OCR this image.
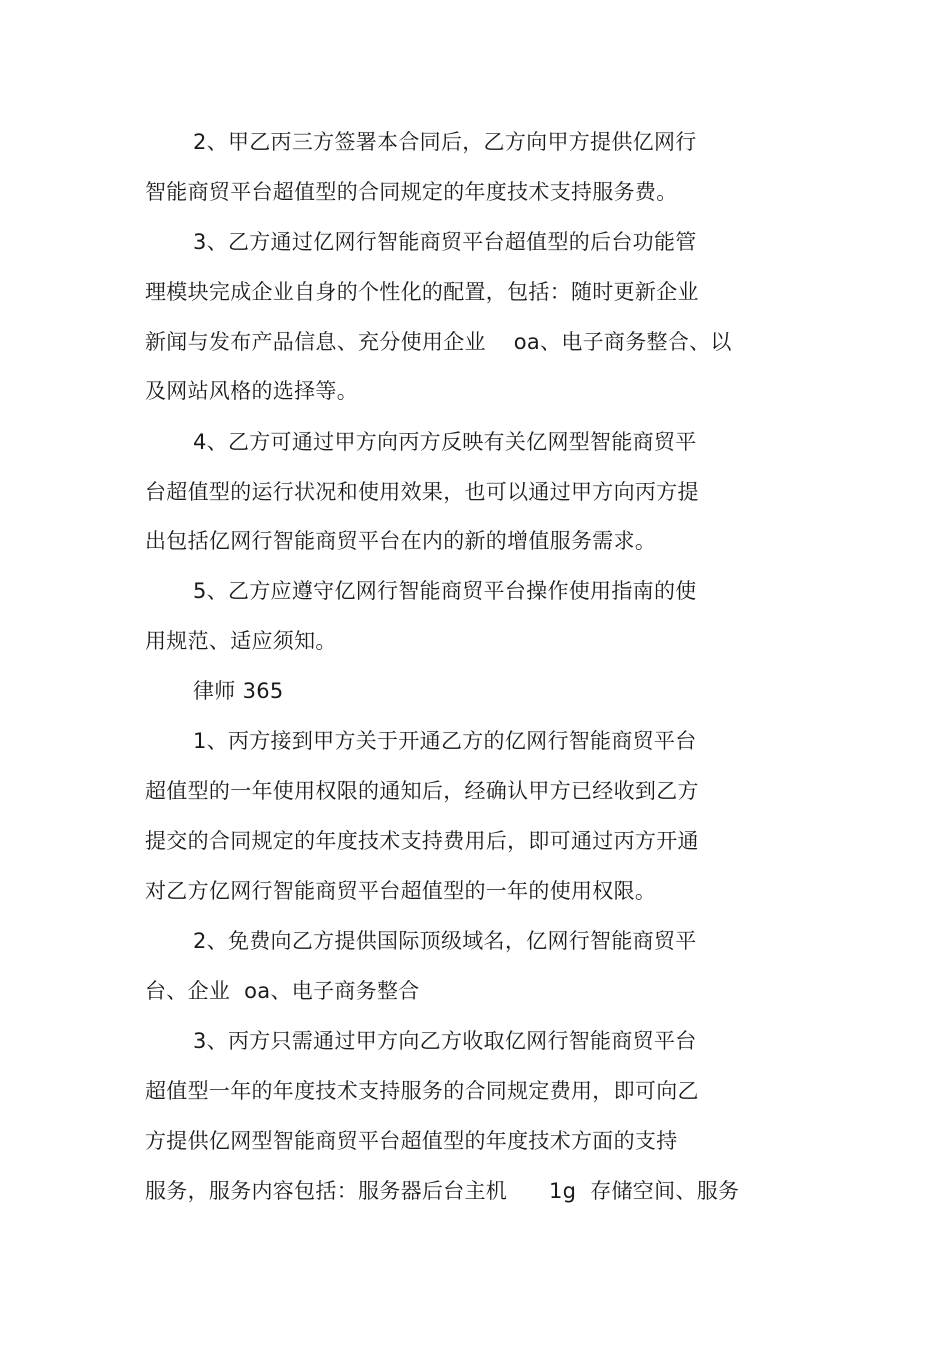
2、甲乙丙三方签署本合同后，乙方向甲方提供亿网行
智能商贸平台超值型的合同规定的年度技术支持服务费。
3、乙方通过亿网行智能商贸平台超值型的后台功能管
理模块完成企业自身的个性化的配置，包括：随时更新企业
新闻与发布产品信息、充分使用企业    oa、电子商务整合、以
及网站风格的选择等。
4、乙方可通过甲方向丙方反映有关亿网型智能商贸平
台超值型的运行状况和使用效果，也可以通过甲方向丙方提
出包括亿网行智能商贸平台在内的新的增值服务需求。
5、乙方应遵守亿网行智能商贸平台操作使用指南的使
用规范、适应须知。
律师 365
1、丙方接到甲方关于开通乙方的亿网行智能商贸平台
超值型的一年使用权限的通知后，经确认甲方已经收到乙方
提交的合同规定的年度技术支持费用后，即可通过丙方开通
对乙方亿网行智能商贸平台超值型的一年的使用权限。
2、免费向乙方提供国际顶级域名，亿网行智能商贸平
台、企业  oa、电子商务整合
3、丙方只需通过甲方向乙方收取亿网行智能商贸平台
超值型一年的年度技术支持服务的合同规定费用，即可向乙
方提供亿网型智能商贸平台超值型的年度技术方面的支持
服务，服务内容包括：服务器后台主机      1g  存储空间、服务
